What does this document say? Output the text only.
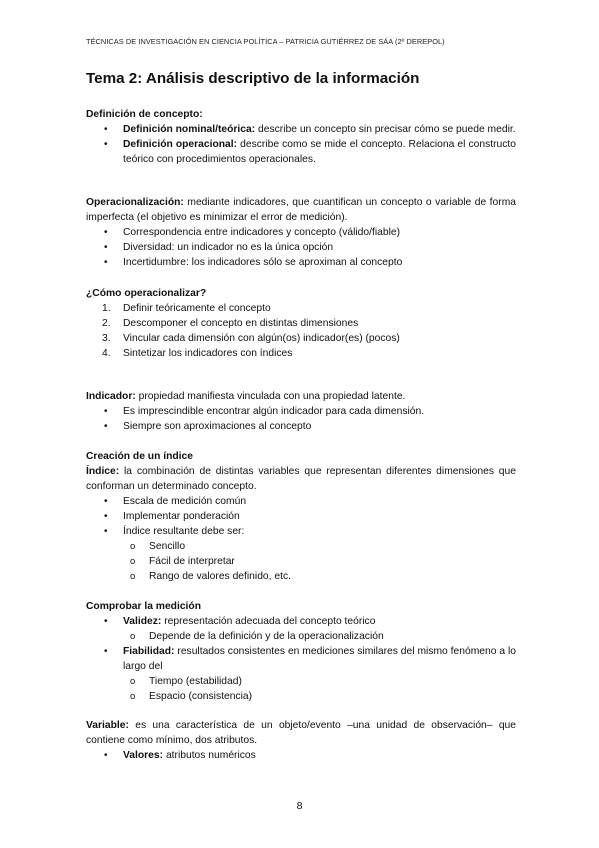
TÉCNICAS DE INVESTIGACIÓN EN CIENCIA POLÍTICA – PATRICIA GUTIÉRREZ DE SÁA (2º DEREPOL)
Tema 2: Análisis descriptivo de la información
Definición de concepto:
•
Definición nominal/teórica: describe un concepto sin precisar cómo se puede medir.
•
Definición operacional: describe como se mide el concepto. Relaciona el constructo teórico con procedimientos operacionales.
Operacionalización: mediante indicadores, que cuantifican un concepto o variable de forma imperfecta (el objetivo es minimizar el error de medición).
•
Correspondencia entre indicadores y concepto (válido/fiable)
•
Diversidad: un indicador no es la única opción
•
Incertidumbre: los indicadores sólo se aproximan al concepto
¿Cómo operacionalizar?
1.	Definir teóricamente el concepto
2.	Descomponer el concepto en distintas dimensiones
3.	Vincular cada dimensión con algún(os) indicador(es) (pocos)
4.	Sintetizar los indicadores con índices
Indicador: propiedad manifiesta vinculada con una propiedad latente.
•
Es imprescindible encontrar algún indicador para cada dimensión.
•
Siempre son aproximaciones al concepto
Creación de un índice
Índice: la combinación de distintas variables que representan diferentes dimensiones que conforman un determinado concepto.
•
Escala de medición común
•
Implementar ponderación
•
Índice resultante debe ser:
o Sencillo
o Fácil de interpretar
o Rango de valores definido, etc.
Comprobar la medición
•
Validez: representación adecuada del concepto teórico
o Depende de la definición y de la operacionalización
•
Fiabilidad: resultados consistentes en mediciones similares del mismo fenómeno a lo largo del
o Tiempo (estabilidad)
o Espacio (consistencia)
Variable: es una característica de un objeto/evento –una unidad de observación– que contiene como mínimo, dos atributos.
•
Valores: atributos numéricos
8
